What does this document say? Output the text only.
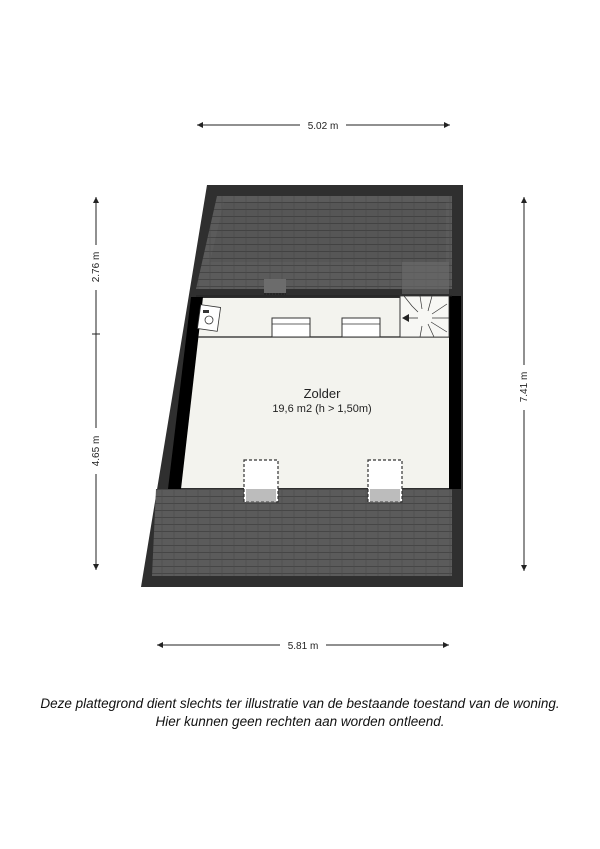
5.02 m
5.81 m
2.76 m
4.65 m
7.41 m
Zolder
19,6 m2 (h > 1,50m)
Deze plattegrond dient slechts ter illustratie van de bestaande toestand van de woning.
Hier kunnen geen rechten aan worden ontleend.
